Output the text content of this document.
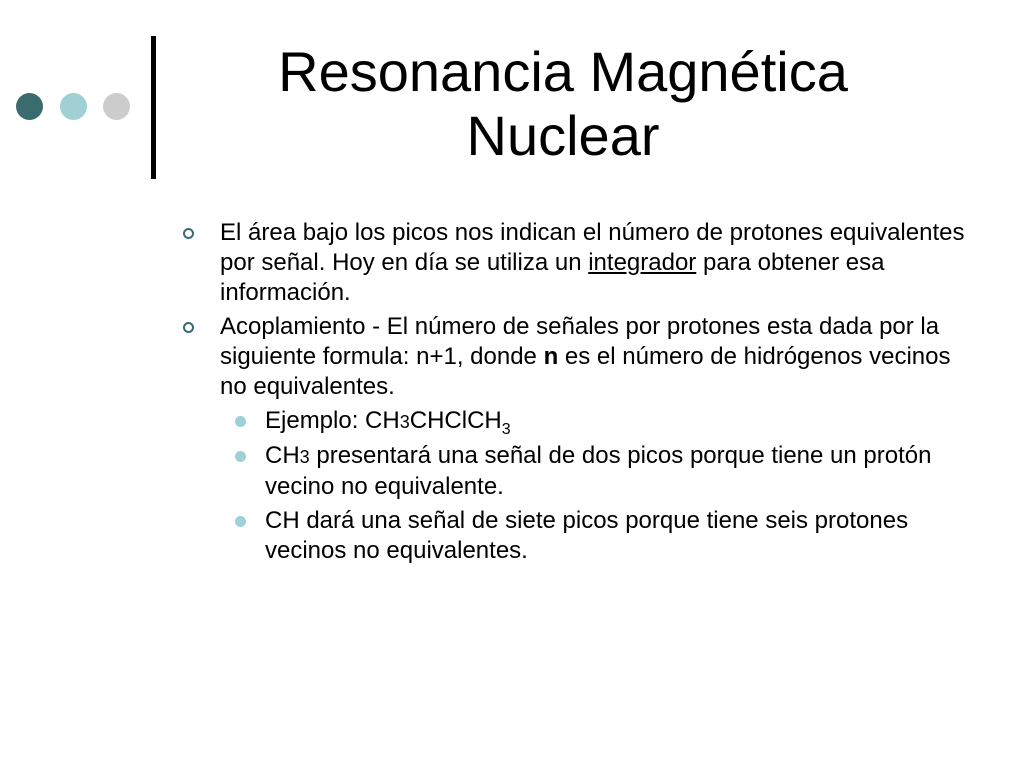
Resonancia Magnética
Nuclear
El área bajo los picos nos indican el número de protones equivalentes por señal. Hoy en día se utiliza un integrador para obtener esa información.
Acoplamiento - El número de señales por protones esta dada por la siguiente formula: n+1, donde n es el número de hidrógenos vecinos no equivalentes.
Ejemplo: CH3CHClCH$_3$
CH3 presentará una señal de dos picos porque tiene un protón vecino no equivalente.
CH dará una señal de siete picos porque tiene seis protones vecinos no equivalentes.
